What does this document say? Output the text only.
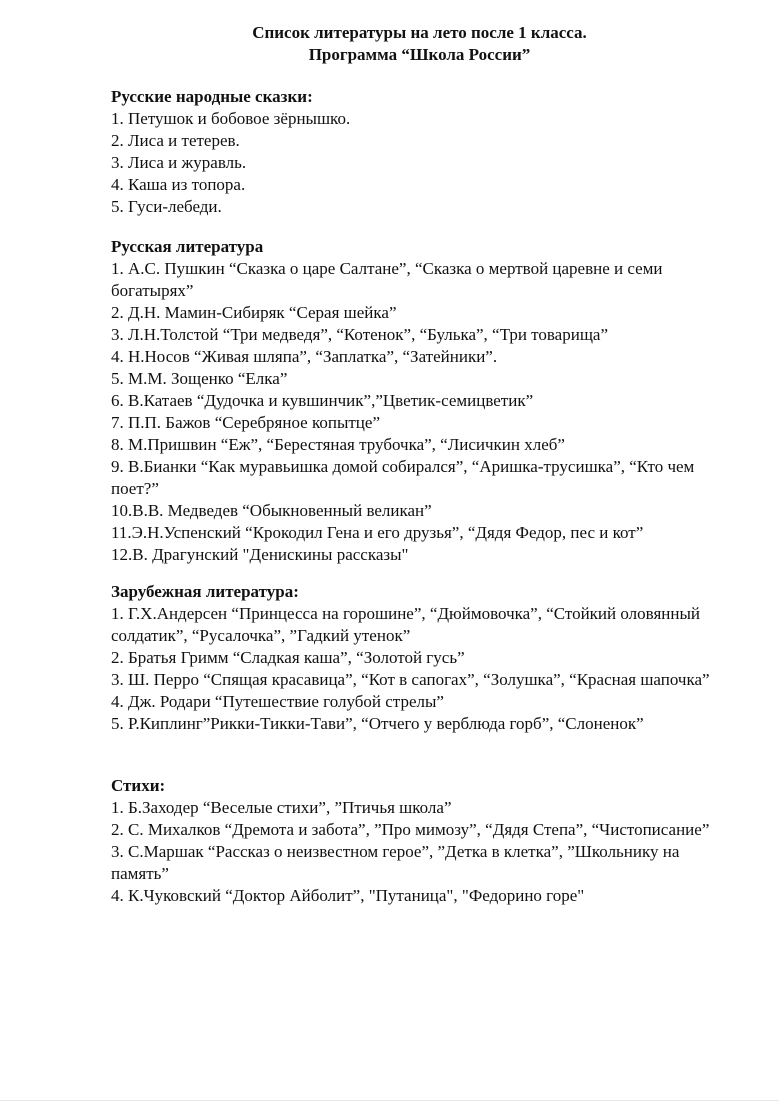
Список литературы на лето после 1 класса.
Программа “Школа России”

Русские народные сказки:

1. Петушок и бобовое зёрнышко.

2. Лиса и тетерев.

3. Лиса и журавль.

4. Каша из топора.

5. Гуси-лебеди.

Русская литература

1. А.С. Пушкин “Сказка о царе Салтане”, “Сказка о мертвой царевне и семи богатырях”

2. Д.Н. Мамин-Сибиряк “Серая шейка”

3. Л.Н.Толстой “Три медведя”, “Котенок”, “Булька”, “Три товарища”

4. Н.Носов “Живая шляпа”, “Заплатка”, “Затейники”.

5. М.М. Зощенко “Елка”

6. В.Катаев “Дудочка и кувшинчик”,”Цветик-семицветик”

7. П.П. Бажов “Серебряное копытце”

8. М.Пришвин “Еж”, “Берестяная трубочка”, “Лисичкин хлеб”

9. В.Бианки “Как муравьишка домой собирался”, “Аришка-трусишка”, “Кто чем поет?”

10.В.В. Медведев “Обыкновенный великан”

11.Э.Н.Успенский “Крокодил Гена и его друзья”, “Дядя Федор, пес и кот”

12.В. Драгунский "Денискины рассказы"

Зарубежная литература:

1. Г.Х.Андерсен “Принцесса на горошине”, “Дюймовочка”, “Стойкий оловянный солдатик”, “Русалочка”, ”Гадкий утенок”

2. Братья Гримм “Сладкая каша”, “Золотой гусь”

3. Ш. Перро “Спящая красавица”, “Кот в сапогах”, “Золушка”, “Красная шапочка”

4. Дж. Родари “Путешествие голубой стрелы”

5. Р.Киплинг”Рикки-Тикки-Тави”, “Отчего у верблюда горб”, “Слоненок”

Стихи:

1. Б.Заходер “Веселые стихи”, ”Птичья школа”

2. С. Михалков “Дремота и забота”, ”Про мимозу”, “Дядя Степа”, “Чистописание”

3. С.Маршак “Рассказ о неизвестном герое”, ”Детка в клетка”, ”Школьнику на память”

4. К.Чуковский “Доктор Айболит”, "Путаница", "Федорино горе"
